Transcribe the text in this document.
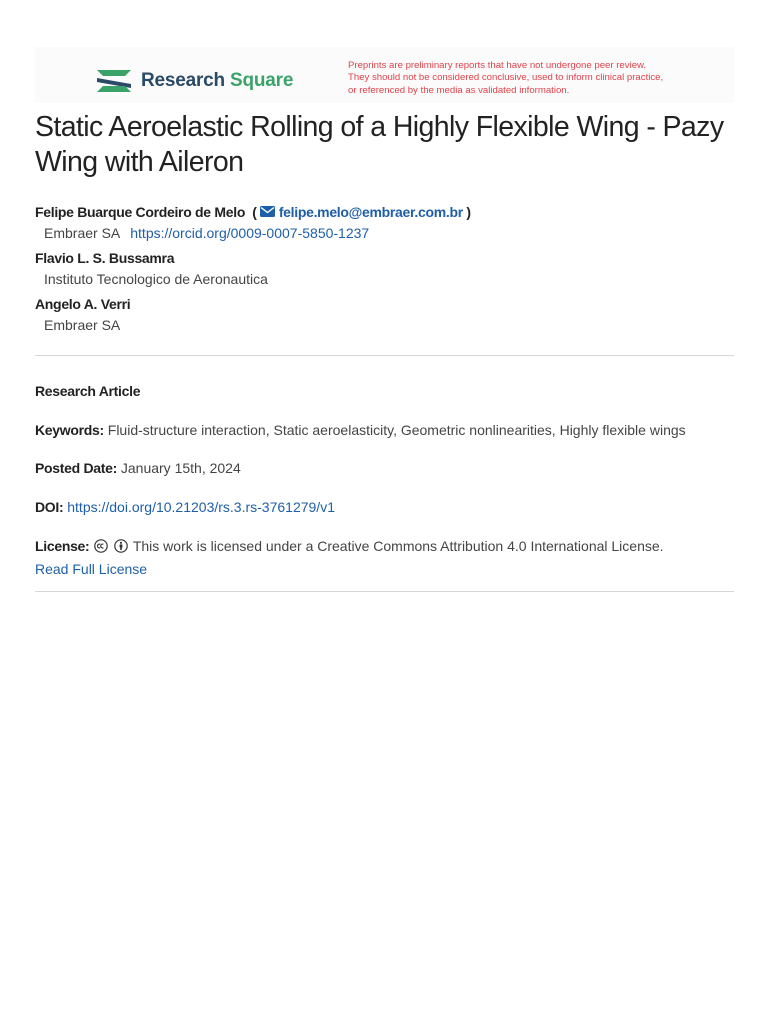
Research Square
Preprints are preliminary reports that have not undergone peer review.
They should not be considered conclusive, used to inform clinical practice,
or referenced by the media as validated information.
Static Aeroelastic Rolling of a Highly Flexible Wing - Pazy Wing with Aileron
Felipe Buarque Cordeiro de Melo  (  felipe.melo@embraer.com.br )
Embraer SA https://orcid.org/0009-0007-5850-1237
Flavio L. S. Bussamra
Instituto Tecnologico de Aeronautica
Angelo A. Verri
Embraer SA
Research Article
Keywords: Fluid-structure interaction, Static aeroelasticity, Geometric nonlinearities, Highly flexible wings
Posted Date: January 15th, 2024
DOI: https://doi.org/10.21203/rs.3.rs-3761279/v1
License:	This work is licensed under a Creative Commons Attribution 4.0 International License.
Read Full License
